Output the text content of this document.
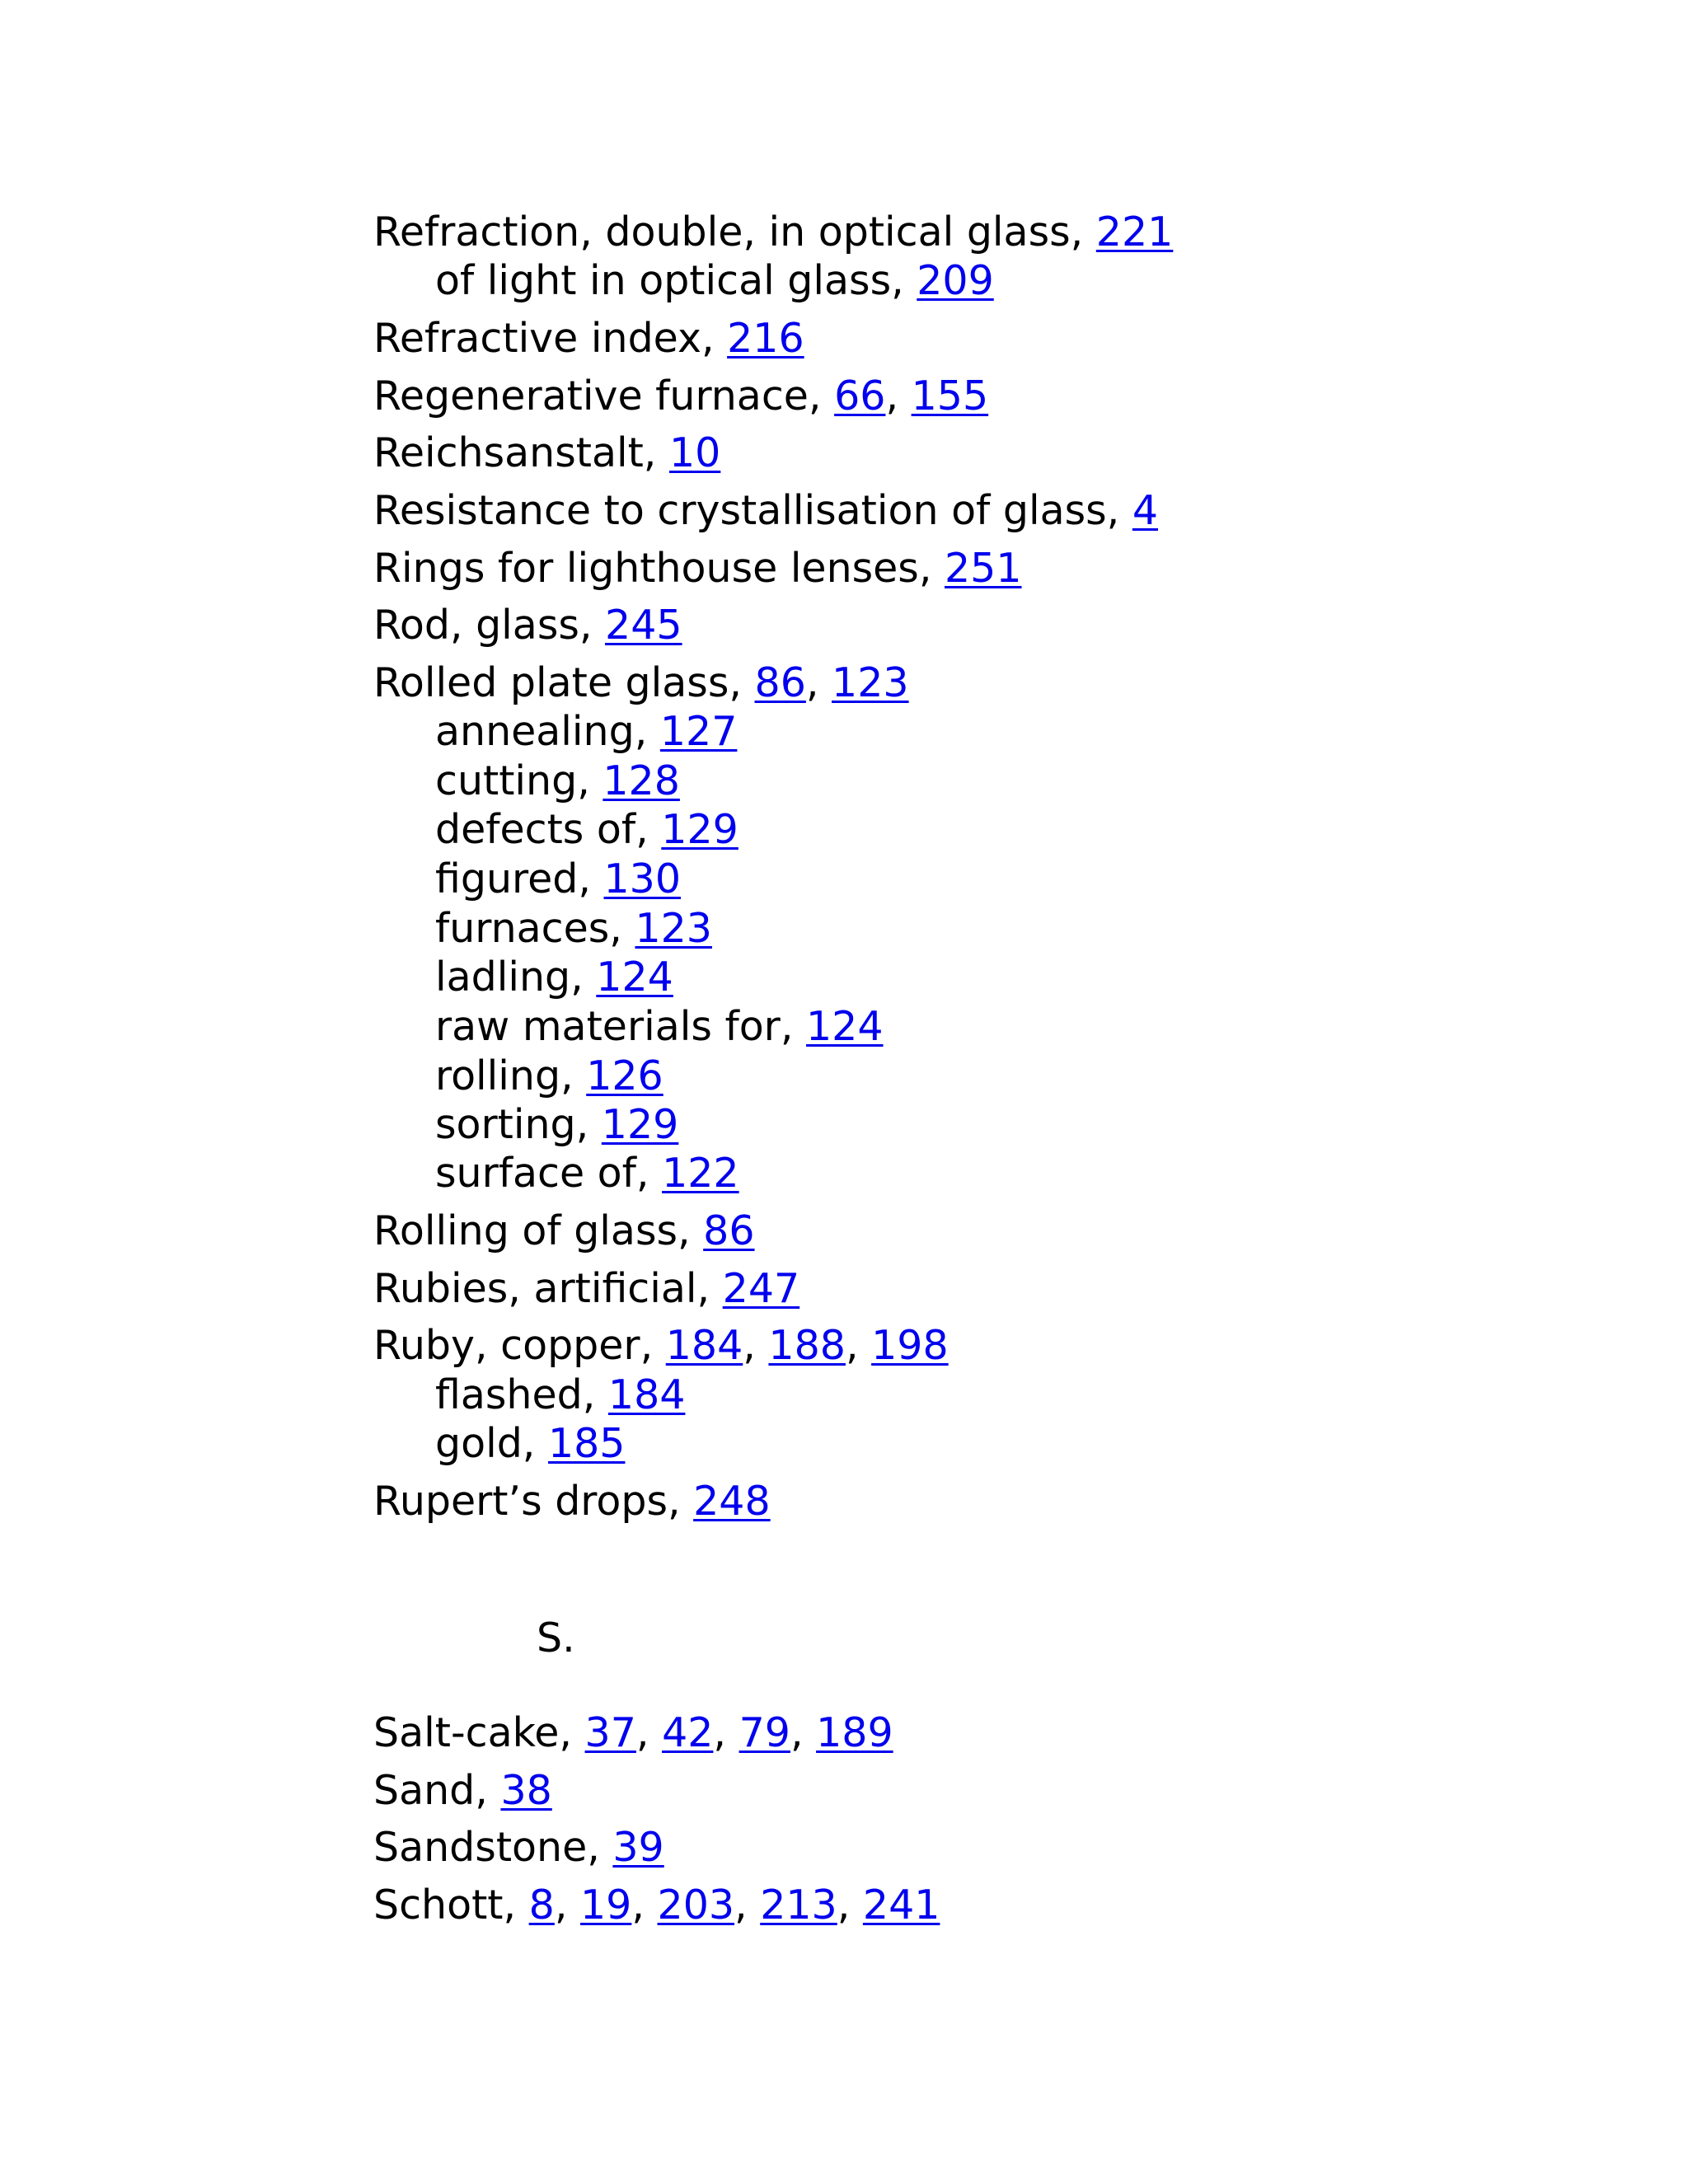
Refraction, double, in optical glass, 221
of light in optical glass, 209
Refractive index, 216
Regenerative furnace, 66, 155
Reichsanstalt, 10
Resistance to crystallisation of glass, 4
Rings for lighthouse lenses, 251
Rod, glass, 245
Rolled plate glass, 86, 123
annealing, 127
cutting, 128
defects of, 129
figured, 130
furnaces, 123
ladling, 124
raw materials for, 124
rolling, 126
sorting, 129
surface of, 122
Rolling of glass, 86
Rubies, artificial, 247
Ruby, copper, 184, 188, 198
flashed, 184
gold, 185
Rupert’s drops, 248
S.
Salt-cake, 37, 42, 79, 189
Sand, 38
Sandstone, 39
Schott, 8, 19, 203, 213, 241
